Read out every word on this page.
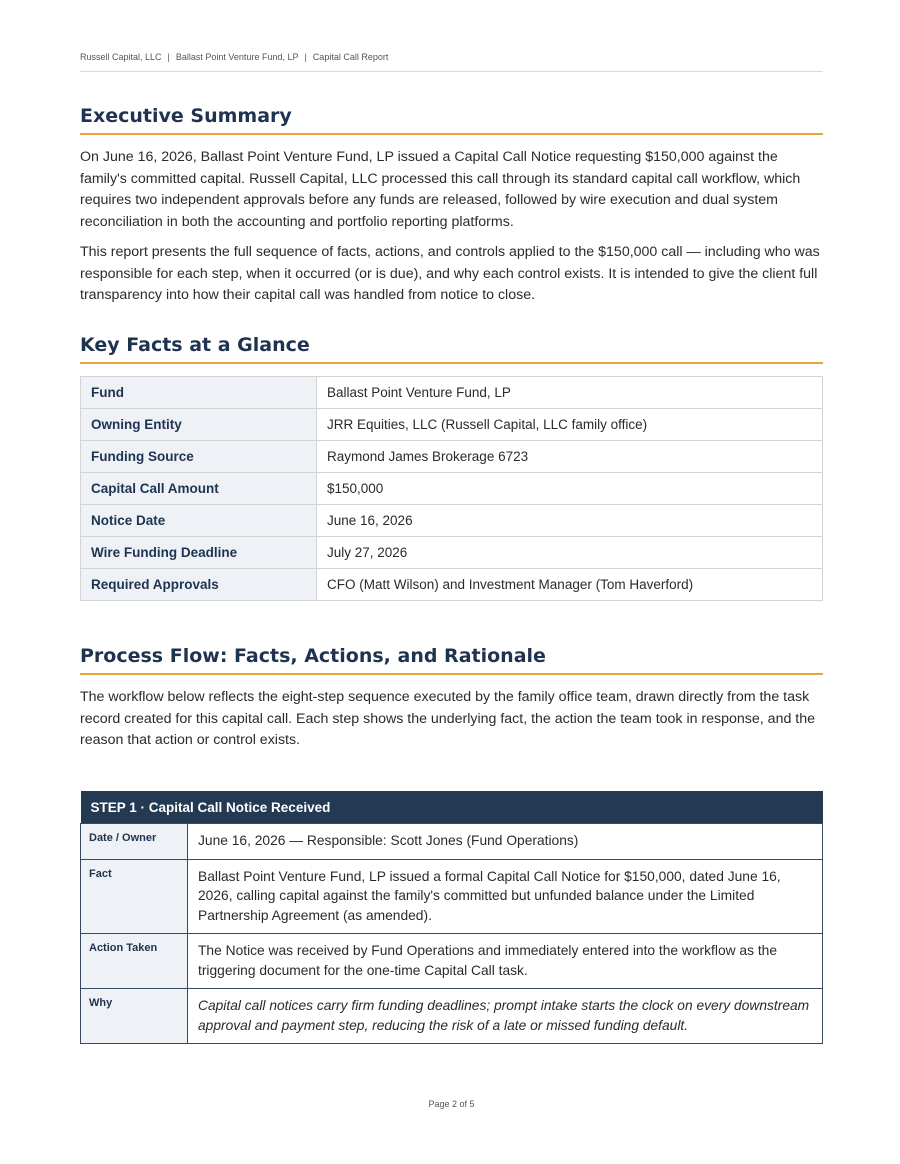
Russell Capital, LLC | Ballast Point Venture Fund, LP | Capital Call Report
Executive Summary

On June 16, 2026, Ballast Point Venture Fund, LP issued a Capital Call Notice requesting $150,000 against the family's committed capital. Russell Capital, LLC processed this call through its standard capital call workflow, which requires two independent approvals before any funds are released, followed by wire execution and dual system reconciliation in both the accounting and portfolio reporting platforms.

This report presents the full sequence of facts, actions, and controls applied to the $150,000 call — including who was responsible for each step, when it occurred (or is due), and why each control exists. It is intended to give the client full transparency into how their capital call was handled from notice to close.

Key Facts at a Glance
Fund	Ballast Point Venture Fund, LP
Owning Entity	JRR Equities, LLC (Russell Capital, LLC family office)
Funding Source	Raymond James Brokerage 6723
Capital Call Amount	$150,000
Notice Date	June 16, 2026
Wire Funding Deadline	July 27, 2026
Required Approvals	CFO (Matt Wilson) and Investment Manager (Tom Haverford)
Process Flow: Facts, Actions, and Rationale

The workflow below reflects the eight-step sequence executed by the family office team, drawn directly from the task record created for this capital call. Each step shows the underlying fact, the action the team took in response, and the reason that action or control exists.

STEP 1 · Capital Call Notice Received	
Date / Owner	June 16, 2026 — Responsible: Scott Jones (Fund Operations)
Fact	Ballast Point Venture Fund, LP issued a formal Capital Call Notice for $150,000, dated June 16, 2026, calling capital against the family's committed but unfunded balance under the Limited Partnership Agreement (as amended).
Action Taken	The Notice was received by Fund Operations and immediately entered into the workflow as the triggering document for the one-time Capital Call task.
Why	Capital call notices carry firm funding deadlines; prompt intake starts the clock on every downstream approval and payment step, reducing the risk of a late or missed funding default.
Page 2 of 5
